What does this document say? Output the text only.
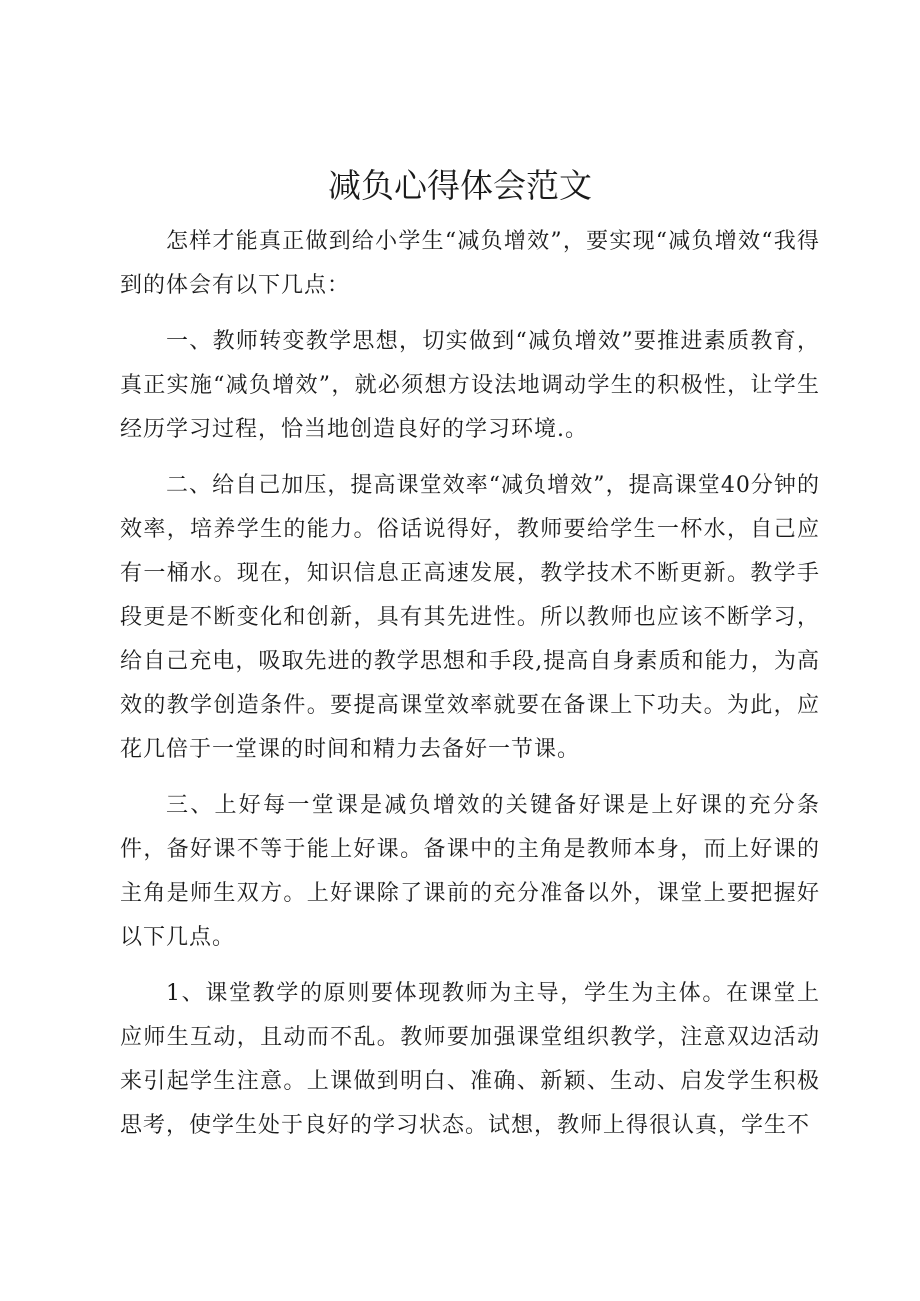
减负心得体会范文

怎样才能真正做到给小学生“减负增效”，要实现“减负增效“我得到的体会有以下几点：

一、教师转变教学思想，切实做到“减负增效”要推进素质教育，真正实施“减负增效”，就必须想方设法地调动学生的积极性，让学生经历学习过程，恰当地创造良好的学习环境.。

二、给自己加压，提高课堂效率“减负增效”，提高课堂40分钟的效率，培养学生的能力。俗话说得好，教师要给学生一杯水，自己应有一桶水。现在，知识信息正高速发展，教学技术不断更新。教学手段更是不断变化和创新，具有其先进性。所以教师也应该不断学习，给自己充电，吸取先进的教学思想和手段,提高自身素质和能力，为高效的教学创造条件。要提高课堂效率就要在备课上下功夫。为此，应花几倍于一堂课的时间和精力去备好一节课。

三、上好每一堂课是减负增效的关键备好课是上好课的充分条件，备好课不等于能上好课。备课中的主角是教师本身，而上好课的主角是师生双方。上好课除了课前的充分准备以外，课堂上要把握好以下几点。

1、课堂教学的原则要体现教师为主导，学生为主体。在课堂上应师生互动，且动而不乱。教师要加强课堂组织教学，注意双边活动来引起学生注意。上课做到明白、准确、新颖、生动、启发学生积极思考，使学生处于良好的学习状态。试想，教师上得很认真，学生不
